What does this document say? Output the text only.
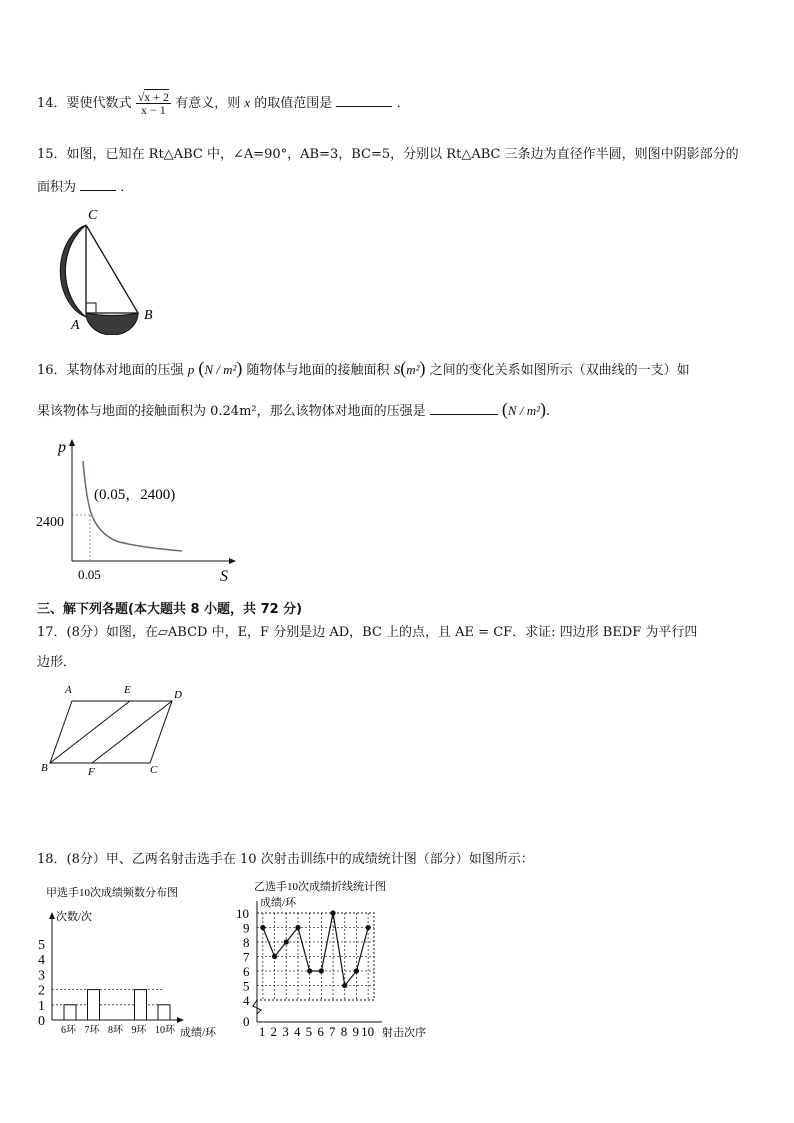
14．要使代数式 $\frac{√x + 2}{x - 1}$ 有意义，则 x 的取值范围是	．
15．如图，已知在 Rt△ABC 中，∠A=90°，AB=3，BC=5，分别以 Rt△ABC 三条边为直径作半圆，则图中阴影部分的
面积为	．
C
A
B
16．某物体对地面的压强 p (N / m²) 随物体与地面的接触面积 S(m²) 之间的变化关系如图所示（双曲线的一支）如
果该物体与地面的接触面积为 0.24m²，那么该物体对地面的压强是	(N / m²).
p
S
(0.05，2400)
2400
0.05
三、解下列各题(本大题共 8 小题，共 72 分)
17．(8分）如图，在▱ABCD 中，E，F 分别是边 AD，BC 上的点，且 AE = CF．求证: 四边形 BEDF 为平行四
边形．
A	E	D
B	F	C
18．(8分）甲、乙两名射击选手在 10 次射击训练中的成绩统计图（部分）如图所示：
甲选手10次成绩频数分布图
次数/次
成绩/环
0
1
2
3
4
5
6环 7环 8环 9环 10环
乙选手10次成绩折线统计图
成绩/环
射击次序
0
4
5
6
7
8
9
10
1 2 3 4 5 6 7 8 9 10
